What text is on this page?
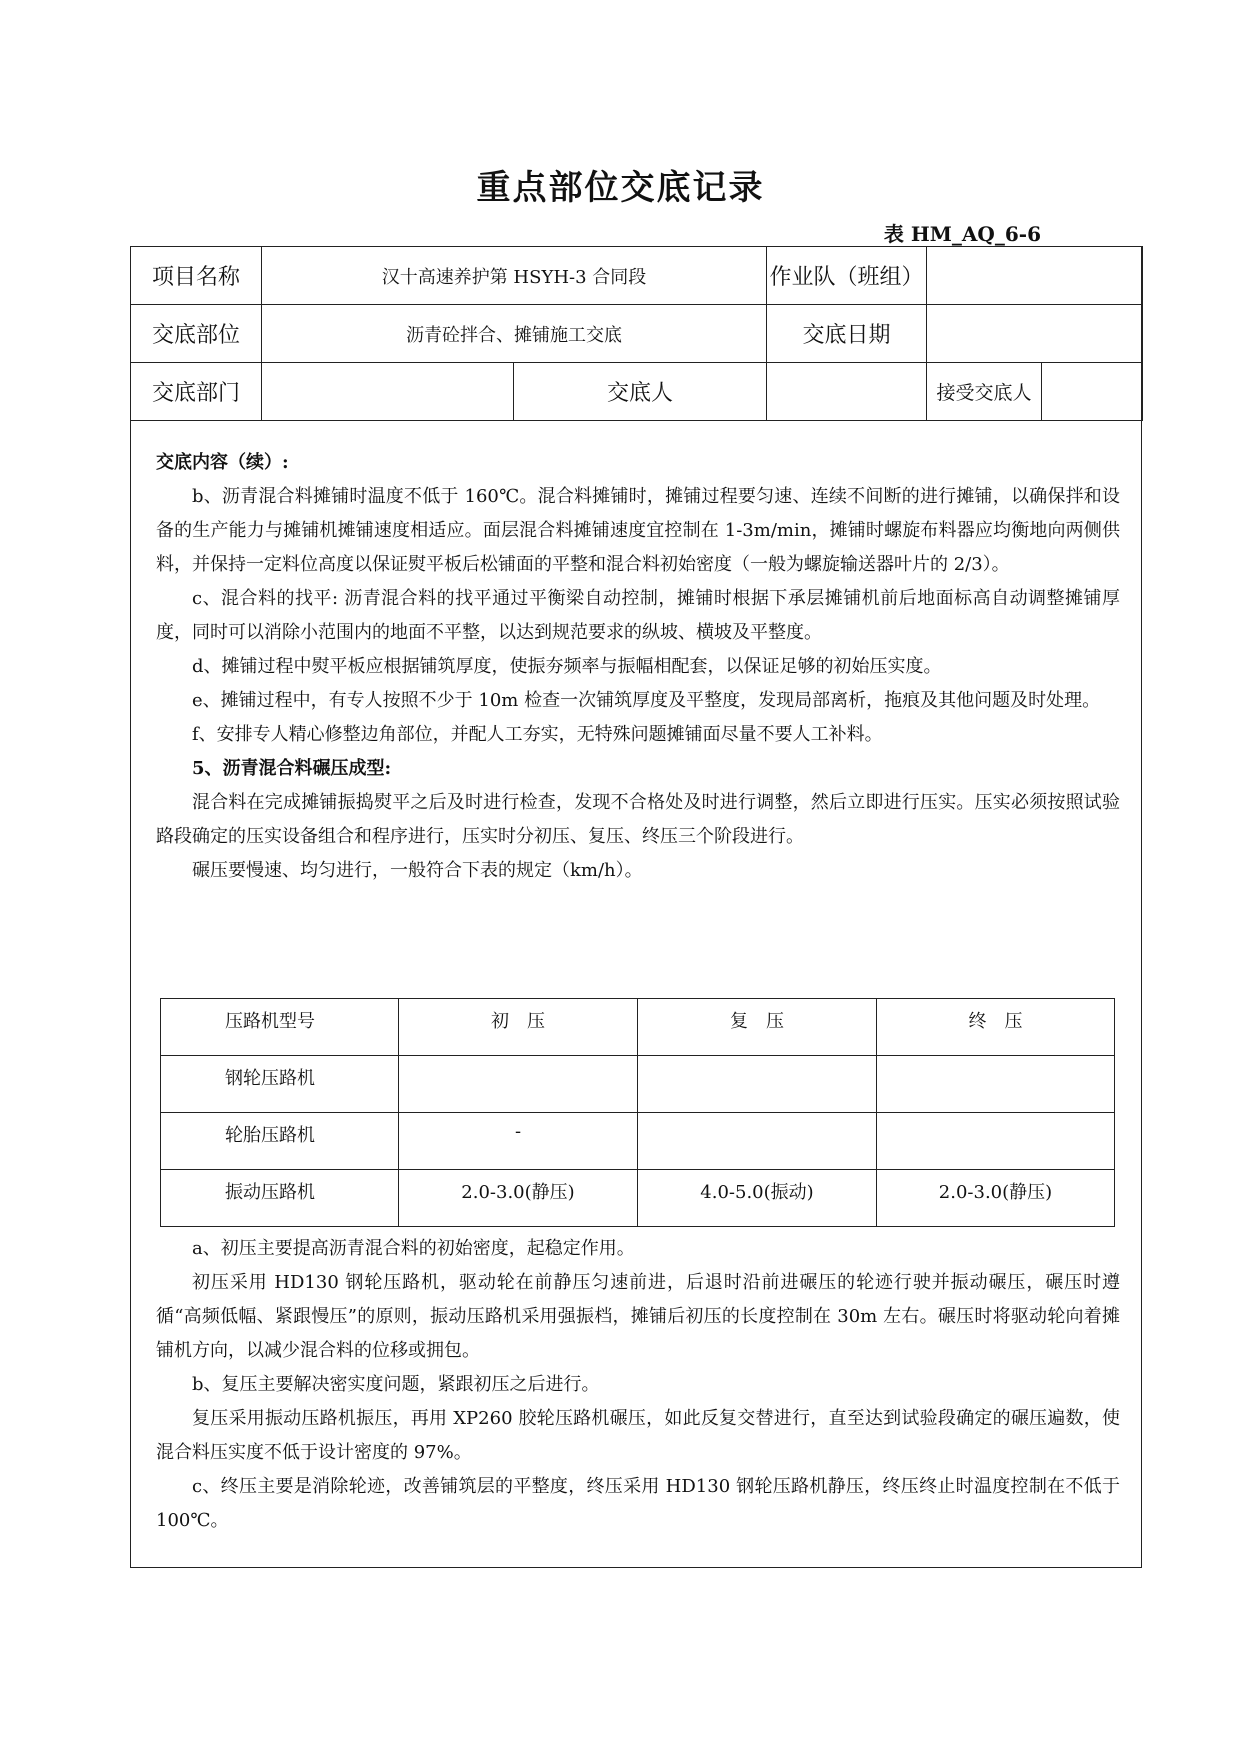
重点部位交底记录
表 HM_AQ_6-6
项目名称	汉十高速养护第 HSYH-3 合同段		作业队（班组）		
交底部位	沥青砼拌合、摊铺施工交底		交底日期		
交底部门		交底人		接受交底人	

交底内容（续）:

b、沥青混合料摊铺时温度不低于 160℃。混合料摊铺时，摊铺过程要匀速、连续不间断的进行摊铺，以确保拌和设备的生产能力与摊铺机摊铺速度相适应。面层混合料摊铺速度宜控制在 1-3m/min，摊铺时螺旋布料器应均衡地向两侧供料，并保持一定料位高度以保证熨平板后松铺面的平整和混合料初始密度（一般为螺旋输送器叶片的 2/3）。

c、混合料的找平: 沥青混合料的找平通过平衡梁自动控制，摊铺时根据下承层摊铺机前后地面标高自动调整摊铺厚度，同时可以消除小范围内的地面不平整，以达到规范要求的纵坡、横坡及平整度。

d、摊铺过程中熨平板应根据铺筑厚度，使振夯频率与振幅相配套，以保证足够的初始压实度。

e、摊铺过程中，有专人按照不少于 10m 检查一次铺筑厚度及平整度，发现局部离析，拖痕及其他问题及时处理。

f、安排专人精心修整边角部位，并配人工夯实，无特殊问题摊铺面尽量不要人工补料。

5、沥青混合料碾压成型:

混合料在完成摊铺振捣熨平之后及时进行检查，发现不合格处及时进行调整，然后立即进行压实。压实必须按照试验路段确定的压实设备组合和程序进行，压实时分初压、复压、终压三个阶段进行。

碾压要慢速、均匀进行，一般符合下表的规定（km/h）。

压路机型号	初　压	复　压	终　压
钢轮压路机			
轮胎压路机	-		
振动压路机	2.0-3.0(静压)	4.0-5.0(振动)	2.0-3.0(静压)

a、初压主要提高沥青混合料的初始密度，起稳定作用。

初压采用 HD130 钢轮压路机，驱动轮在前静压匀速前进，后退时沿前进碾压的轮迹行驶并振动碾压，碾压时遵循“高频低幅、紧跟慢压”的原则，振动压路机采用强振档，摊铺后初压的长度控制在 30m 左右。碾压时将驱动轮向着摊铺机方向，以减少混合料的位移或拥包。

b、复压主要解决密实度问题，紧跟初压之后进行。

复压采用振动压路机振压，再用 XP260 胶轮压路机碾压，如此反复交替进行，直至达到试验段确定的碾压遍数，使混合料压实度不低于设计密度的 97%。

c、终压主要是消除轮迹，改善铺筑层的平整度，终压采用 HD130 钢轮压路机静压，终压终止时温度控制在不低于 100℃。
